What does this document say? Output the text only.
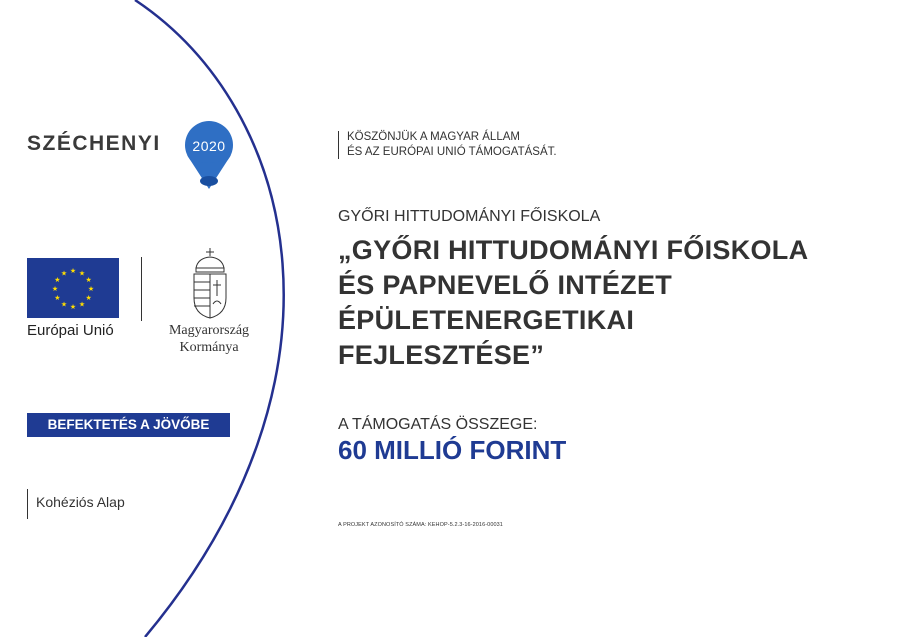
SZÉCHENYI	2020
★ ★
★
★
★
★
★
★
★
★
★
★
Európai Unió	Magyarország
Kormánya
BEFEKTETÉS A JÖVŐBE
Kohéziós Alap
KÖSZÖNJÜK A MAGYAR ÁLLAM
ÉS AZ EURÓPAI UNIÓ TÁMOGATÁSÁT.
GYŐRI HITTUDOMÁNYI FŐISKOLA
„GYŐRI HITTUDOMÁNYI FŐISKOLA ÉS PAPNEVELŐ INTÉZET ÉPÜLETENERGETIKAI FEJLESZTÉSE”
A TÁMOGATÁS ÖSSZEGE:
60 MILLIÓ FORINT
A PROJEKT AZONOSÍTÓ SZÁMA: KEHOP-5.2.3-16-2016-00031
